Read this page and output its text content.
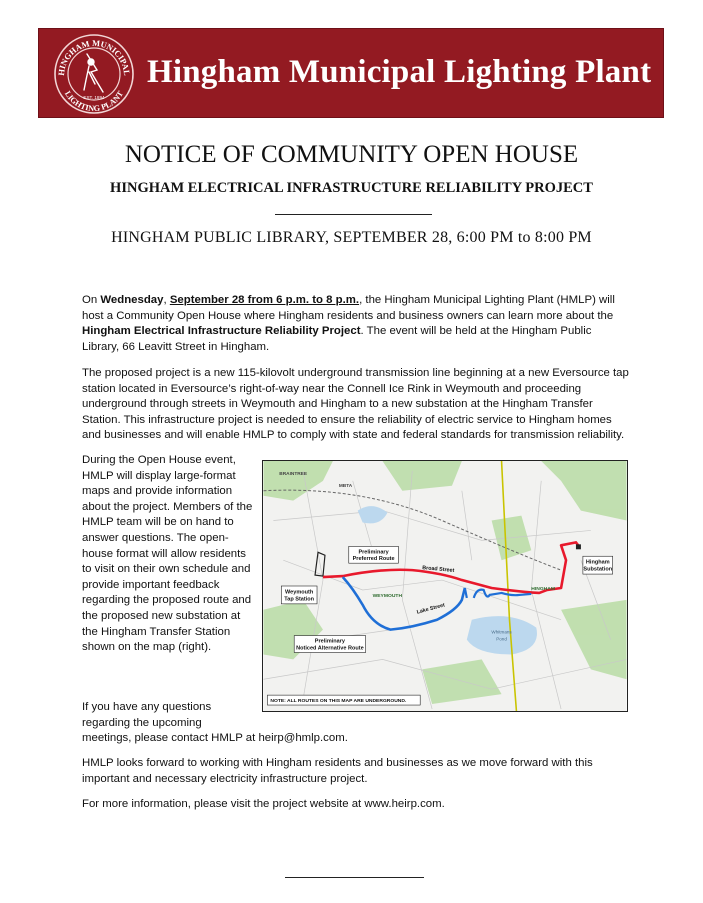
HINGHAM MUNICIPAL
LIGHTING PLANT
EST. 1894
Hingham Municipal Lighting Plant
NOTICE OF COMMUNITY OPEN HOUSE
HINGHAM ELECTRICAL INFRASTRUCTURE RELIABILITY PROJECT
HINGHAM PUBLIC LIBRARY, SEPTEMBER 28, 6:00 PM to 8:00 PM
On Wednesday, September 28 from 6 p.m. to 8 p.m., the Hingham Municipal Lighting Plant (HMLP) will host a Community Open House where Hingham residents and business owners can learn more about the Hingham Electrical Infrastructure Reliability Project. The event will be held at the Hingham Public Library, 66 Leavitt Street in Hingham.
The proposed project is a new 115-kilovolt underground transmission line beginning at a new Eversource tap station located in Eversource’s right-of-way near the Connell Ice Rink in Weymouth and proceeding underground through streets in Weymouth and Hingham to a new substation at the Hingham Transfer Station. This infrastructure project is needed to ensure the reliability of electric service to Hingham homes and businesses and will enable HMLP to comply with state and federal standards for transmission reliability.
During the Open House event, HMLP will display large-format maps and provide information about the project. Members of the HMLP team will be on hand to answer questions. The open-house format will allow residents to visit on their own schedule and provide important feedback regarding the proposed route and the proposed new substation at the Hingham Transfer Station shown on the map (right).
If you have any questions regarding the upcoming
meetings, please contact HMLP at heirp@hmlp.com.
HMLP looks forward to working with Hingham residents and businesses as we move forward with this important and necessary electricity infrastructure project.
For more information, please visit the project website at www.heirp.com.
Weymouth
Tap Station
Preliminary
Preferred Route
Preliminary
Noticed Alternative Route
Hingham
Substation
Broad Street
Lake Street
WEYMOUTH
HINGHAM
Whitmans
Pond
BRAINTREE
MBTA
NOTE: ALL ROUTES ON THIS MAP ARE UNDERGROUND.
